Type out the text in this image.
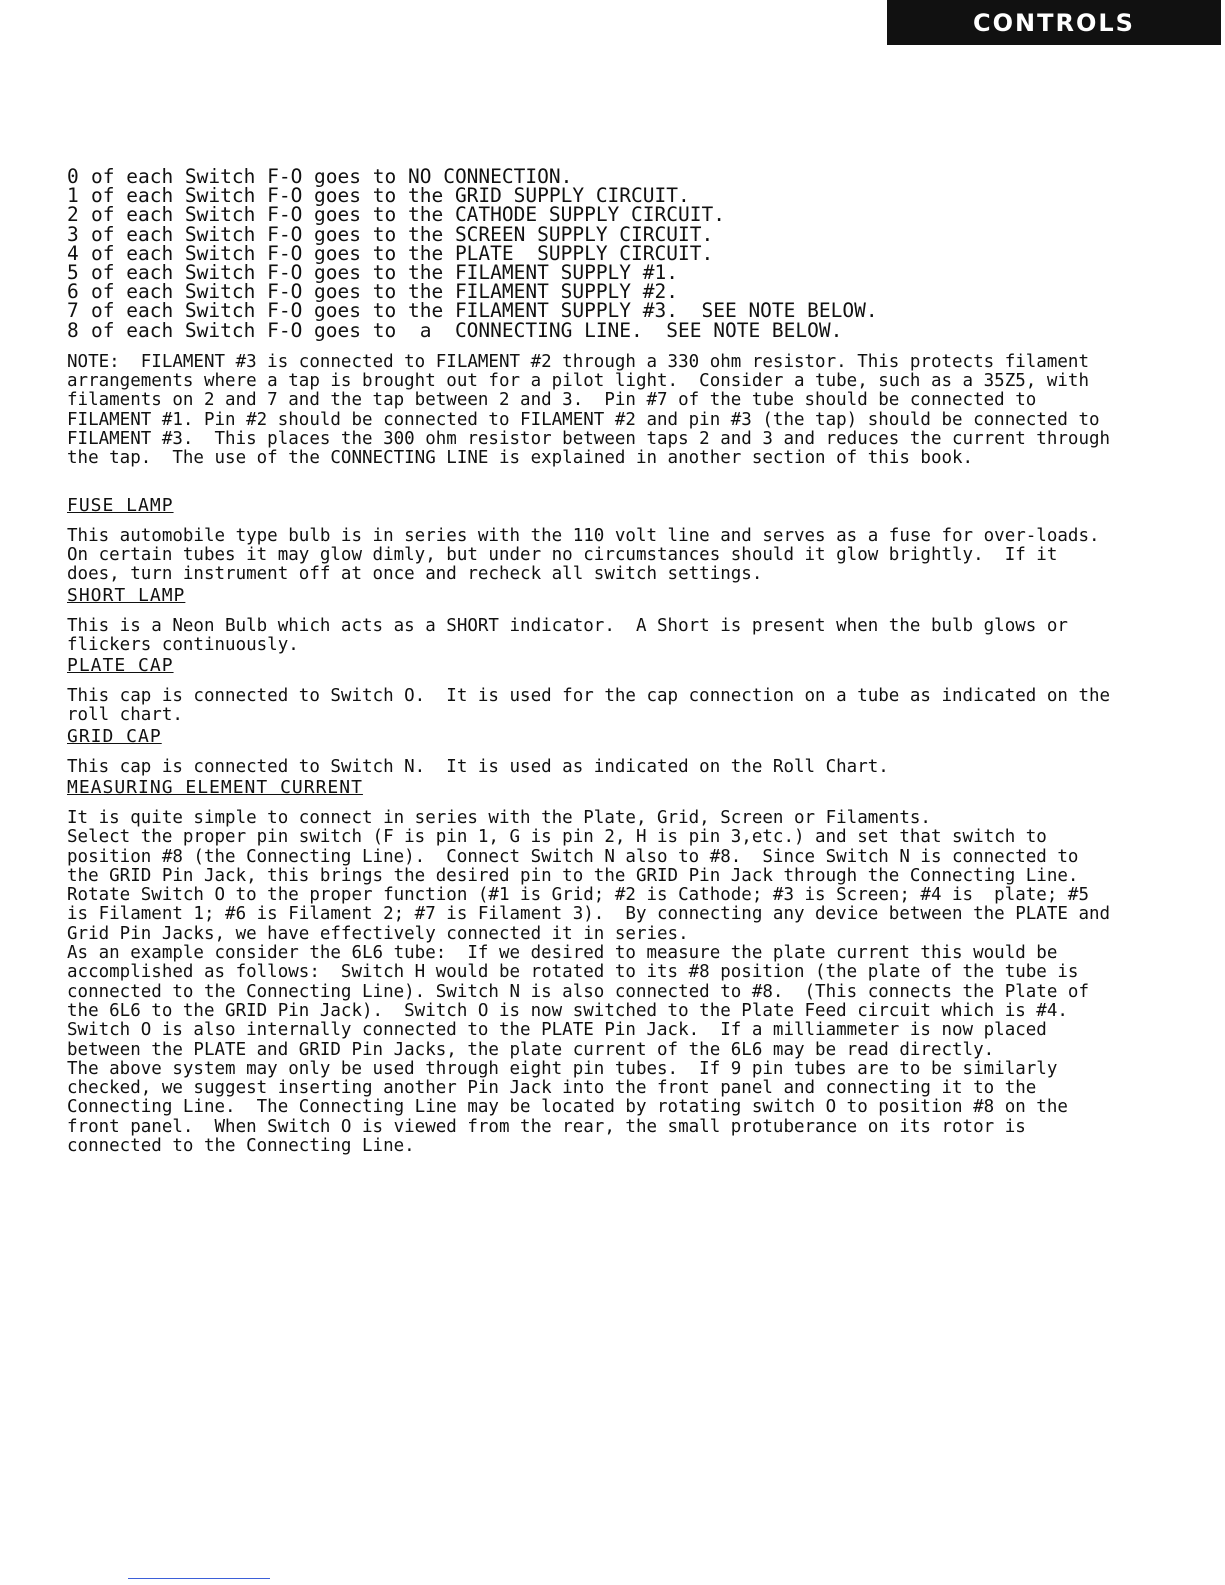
CONTROLS
0 of each Switch F-O goes to NO CONNECTION.
1 of each Switch F-O goes to the GRID SUPPLY CIRCUIT.
2 of each Switch F-O goes to the CATHODE SUPPLY CIRCUIT.
3 of each Switch F-O goes to the SCREEN SUPPLY CIRCUIT.
4 of each Switch F-O goes to the PLATE  SUPPLY CIRCUIT.
5 of each Switch F-O goes to the FILAMENT SUPPLY #1.
6 of each Switch F-O goes to the FILAMENT SUPPLY #2.
7 of each Switch F-O goes to the FILAMENT SUPPLY #3.  SEE NOTE BELOW.
8 of each Switch F-O goes to  a  CONNECTING LINE.  SEE NOTE BELOW.

NOTE:  FILAMENT #3 is connected to FILAMENT #2 through a 330 ohm resistor. This protects filament arrangements where a tap is brought out for a pilot light.  Consider a tube, such as a 35Z5, with filaments on 2 and 7 and the tap between 2 and 3.  Pin #7 of the tube should be connected to FILAMENT #1. Pin #2 should be connected to FILAMENT #2 and pin #3 (the tap) should be connected to FILAMENT #3.  This places the 300 ohm resistor between taps 2 and 3 and reduces the current through the tap.  The use of the CONNECTING LINE is explained in another section of this book.

FUSE LAMP

This automobile type bulb is in series with the 110 volt line and serves as a fuse for over-loads.  On certain tubes it may glow dimly, but under no circumstances should it glow brightly.  If it does, turn instrument off at once and recheck all switch settings.

SHORT LAMP

This is a Neon Bulb which acts as a SHORT indicator.  A Short is present when the bulb glows or flickers continuously.

PLATE CAP

This cap is connected to Switch O.  It is used for the cap connection on a tube as indicated on the roll chart.

GRID CAP

This cap is connected to Switch N.  It is used as indicated on the Roll Chart.

MEASURING ELEMENT CURRENT

It is quite simple to connect in series with the Plate, Grid, Screen or Filaments.

Select the proper pin switch (F is pin 1, G is pin 2, H is pin 3,etc.) and set that switch to position #8 (the Connecting Line).  Connect Switch N also to #8.  Since Switch N is connected to the GRID Pin Jack, this brings the desired pin to the GRID Pin Jack through the Connecting Line.  Rotate Switch O to the proper function (#1 is Grid; #2 is Cathode; #3 is Screen; #4 is  plate; #5 is Filament 1; #6 is Filament 2; #7 is Filament 3).  By connecting any device between the PLATE and Grid Pin Jacks, we have effectively connected it in series.

As an example consider the 6L6 tube:  If we desired to measure the plate current this would be accomplished as follows:  Switch H would be rotated to its #8 position (the plate of the tube is connected to the Connecting Line). Switch N is also connected to #8.  (This connects the Plate of the 6L6 to the GRID Pin Jack).  Switch O is now switched to the Plate Feed circuit which is #4.  Switch O is also internally connected to the PLATE Pin Jack.  If a milliammeter is now placed between the PLATE and GRID Pin Jacks, the plate current of the 6L6 may be read directly.

The above system may only be used through eight pin tubes.  If 9 pin tubes are to be similarly checked, we suggest inserting another Pin Jack into the front panel and connecting it to the Connecting Line.  The Connecting Line may be located by rotating switch O to position #8 on the front panel.  When Switch O is viewed from the rear, the small protuberance on its rotor is connected to the Connecting Line.
